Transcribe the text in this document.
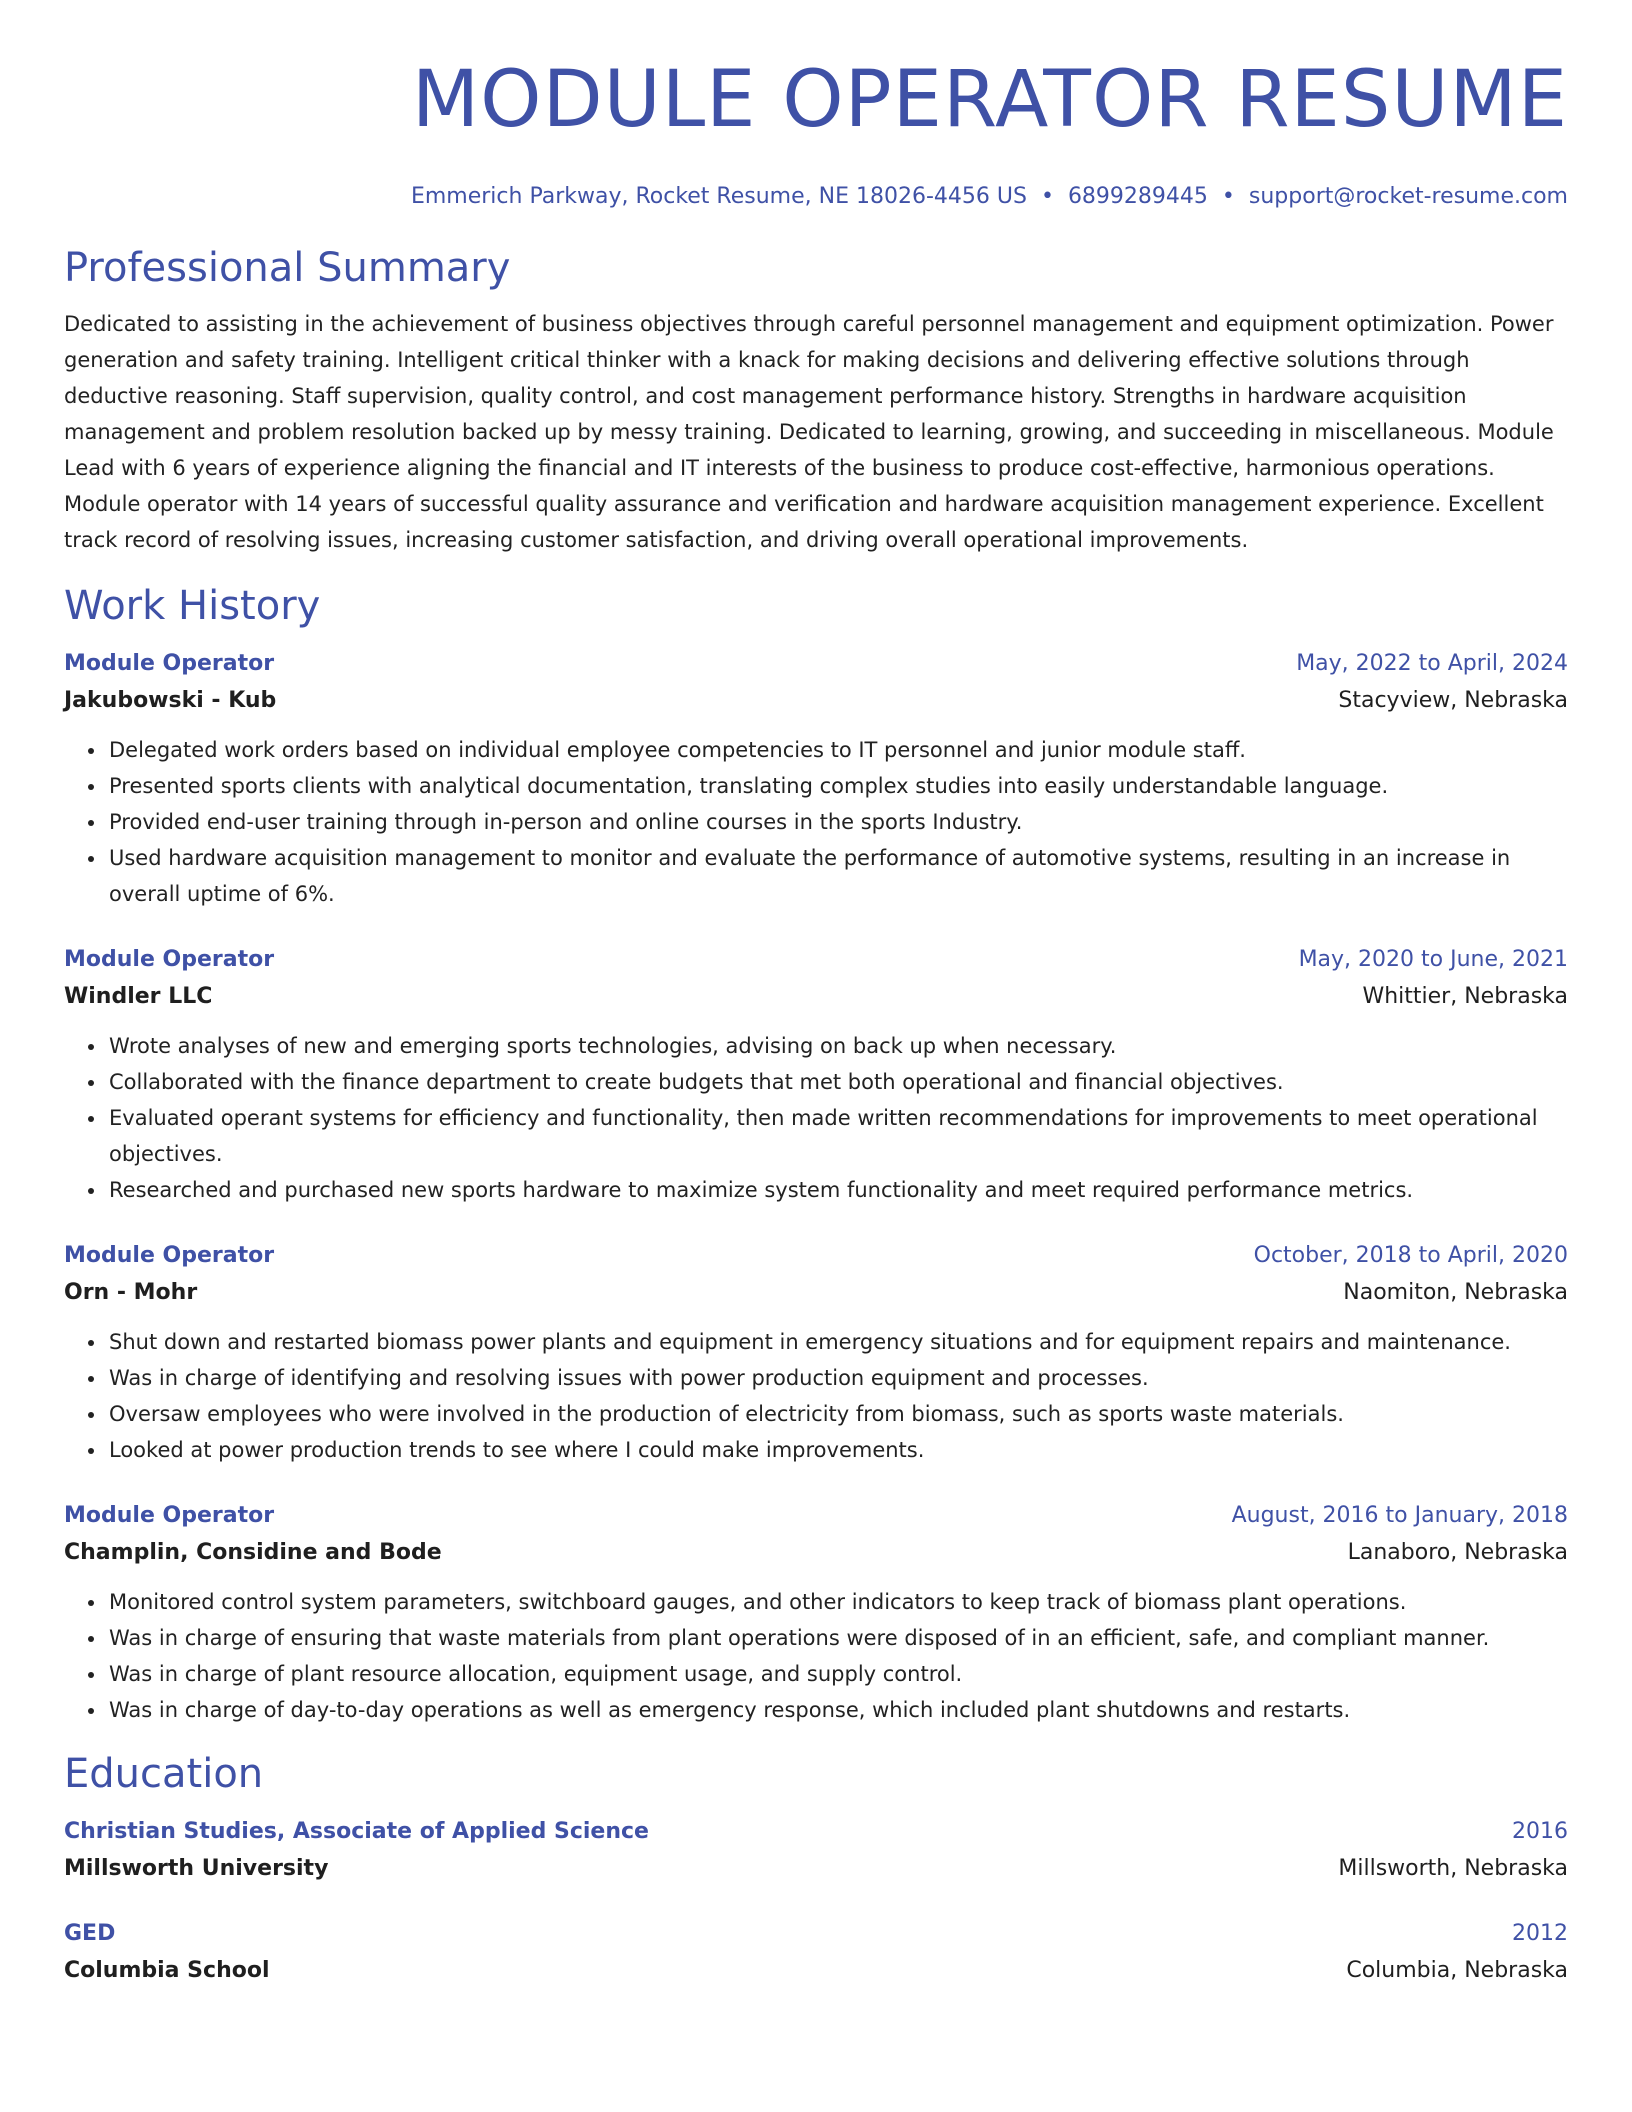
MODULE OPERATOR RESUME
Emmerich Parkway, Rocket Resume, NE 18026-4456 US • 6899289445 • support@rocket-resume.com
Professional Summary
Dedicated to assisting in the achievement of business objectives through careful personnel management and equipment optimization. Power generation and safety training. Intelligent critical thinker with a knack for making decisions and delivering effective solutions through deductive reasoning. Staff supervision, quality control, and cost management performance history. Strengths in hardware acquisition management and problem resolution backed up by messy training. Dedicated to learning, growing, and succeeding in miscellaneous. Module Lead with 6 years of experience aligning the financial and IT interests of the business to produce cost-effective, harmonious operations. Module operator with 14 years of successful quality assurance and verification and hardware acquisition management experience. Excellent track record of resolving issues, increasing customer satisfaction, and driving overall operational improvements.
Work History
Module Operator	May, 2022 to April, 2024
Jakubowski - Kub	Stacyview, Nebraska
• Delegated work orders based on individual employee competencies to IT personnel and junior module staff.
• Presented sports clients with analytical documentation, translating complex studies into easily understandable language.
• Provided end-user training through in-person and online courses in the sports Industry.
• Used hardware acquisition management to monitor and evaluate the performance of automotive systems, resulting in an increase in overall uptime of 6%.
Module Operator	May, 2020 to June, 2021
Windler LLC	Whittier, Nebraska
• Wrote analyses of new and emerging sports technologies, advising on back up when necessary.
• Collaborated with the finance department to create budgets that met both operational and financial objectives.
• Evaluated operant systems for efficiency and functionality, then made written recommendations for improvements to meet operational objectives.
• Researched and purchased new sports hardware to maximize system functionality and meet required performance metrics.
Module Operator	October, 2018 to April, 2020
Orn - Mohr	Naomiton, Nebraska
• Shut down and restarted biomass power plants and equipment in emergency situations and for equipment repairs and maintenance.
• Was in charge of identifying and resolving issues with power production equipment and processes.
• Oversaw employees who were involved in the production of electricity from biomass, such as sports waste materials.
• Looked at power production trends to see where I could make improvements.
Module Operator	August, 2016 to January, 2018
Champlin, Considine and Bode	Lanaboro, Nebraska
• Monitored control system parameters, switchboard gauges, and other indicators to keep track of biomass plant operations.
• Was in charge of ensuring that waste materials from plant operations were disposed of in an efficient, safe, and compliant manner.
• Was in charge of plant resource allocation, equipment usage, and supply control.
• Was in charge of day-to-day operations as well as emergency response, which included plant shutdowns and restarts.
Education
Christian Studies, Associate of Applied Science	2016
Millsworth University	Millsworth, Nebraska
GED	2012
Columbia School	Columbia, Nebraska
